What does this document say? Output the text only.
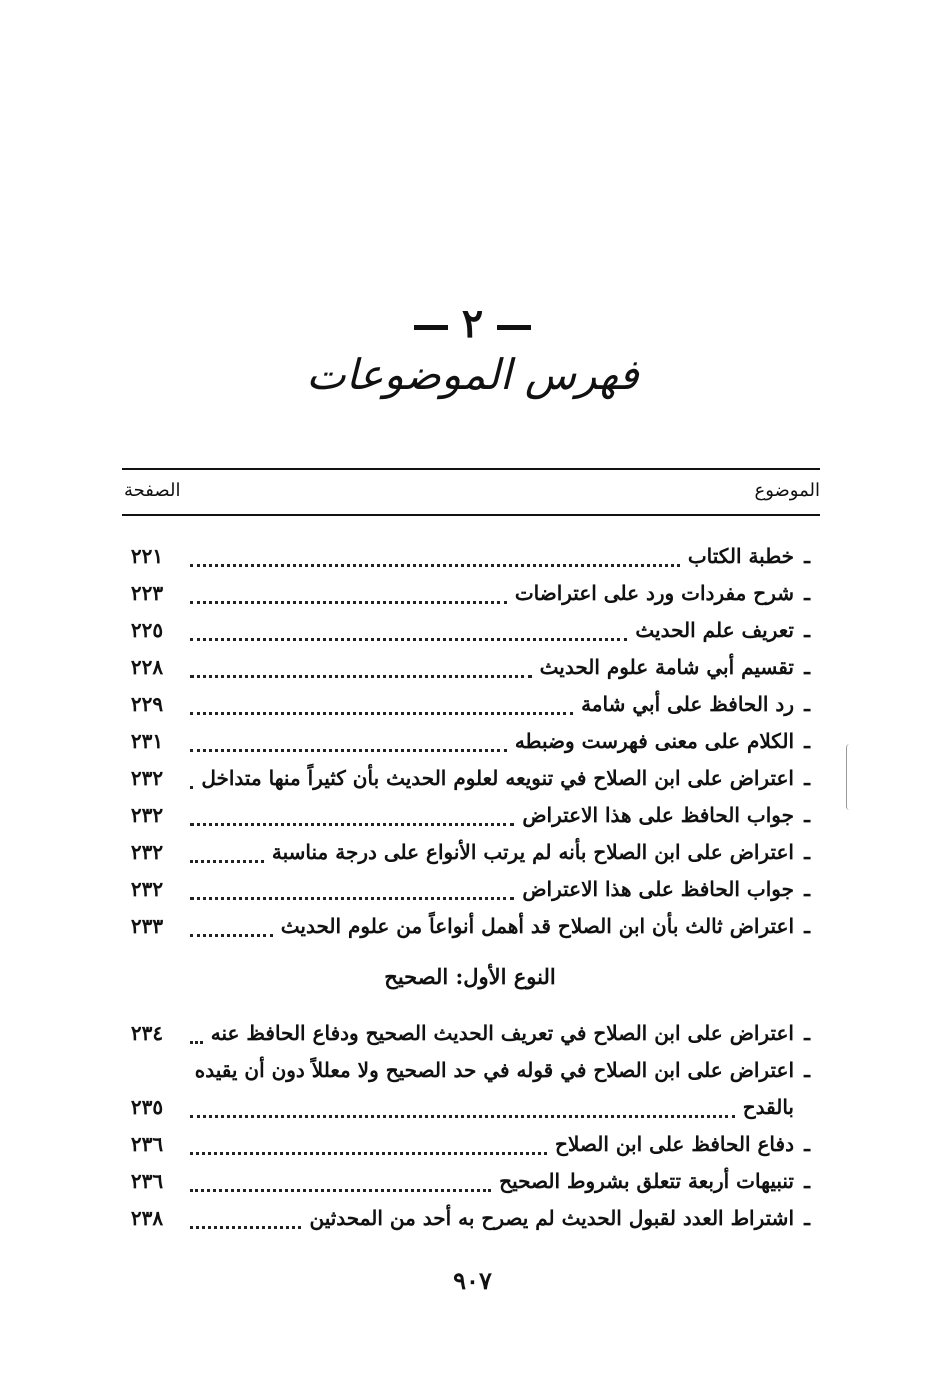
٢
فهرس الموضوعات
الموضوع
الصفحة
ـ
خطبة الكتاب
٢٢١
ـ
شرح مفردات ورد على اعتراضات
٢٢٣
ـ
تعريف علم الحديث
٢٢٥
ـ
تقسيم أبي شامة علوم الحديث
٢٢٨
ـ
رد الحافظ على أبي شامة
٢٢٩
ـ
الكلام على معنى فهرست وضبطه
٢٣١
ـ
اعتراض على ابن الصلاح في تنويعه لعلوم الحديث بأن كثيراً منها متداخل
٢٣٢
ـ
جواب الحافظ على هذا الاعتراض
٢٣٢
ـ
اعتراض على ابن الصلاح بأنه لم يرتب الأنواع على درجة مناسبة
٢٣٢
ـ
جواب الحافظ على هذا الاعتراض
٢٣٢
ـ
اعتراض ثالث بأن ابن الصلاح قد أهمل أنواعاً من علوم الحديث
٢٣٣
النوع الأول: الصحيح
ـ
اعتراض على ابن الصلاح في تعريف الحديث الصحيح ودفاع الحافظ عنه
٢٣٤
ـ
اعتراض على ابن الصلاح في قوله في حد الصحيح ولا معللاً دون أن يقيده
بالقدح
٢٣٥
ـ
دفاع الحافظ على ابن الصلاح
٢٣٦
ـ
تنبيهات أربعة تتعلق بشروط الصحيح
٢٣٦
ـ
اشتراط العدد لقبول الحديث لم يصرح به أحد من المحدثين
٢٣٨
٩٠٧
